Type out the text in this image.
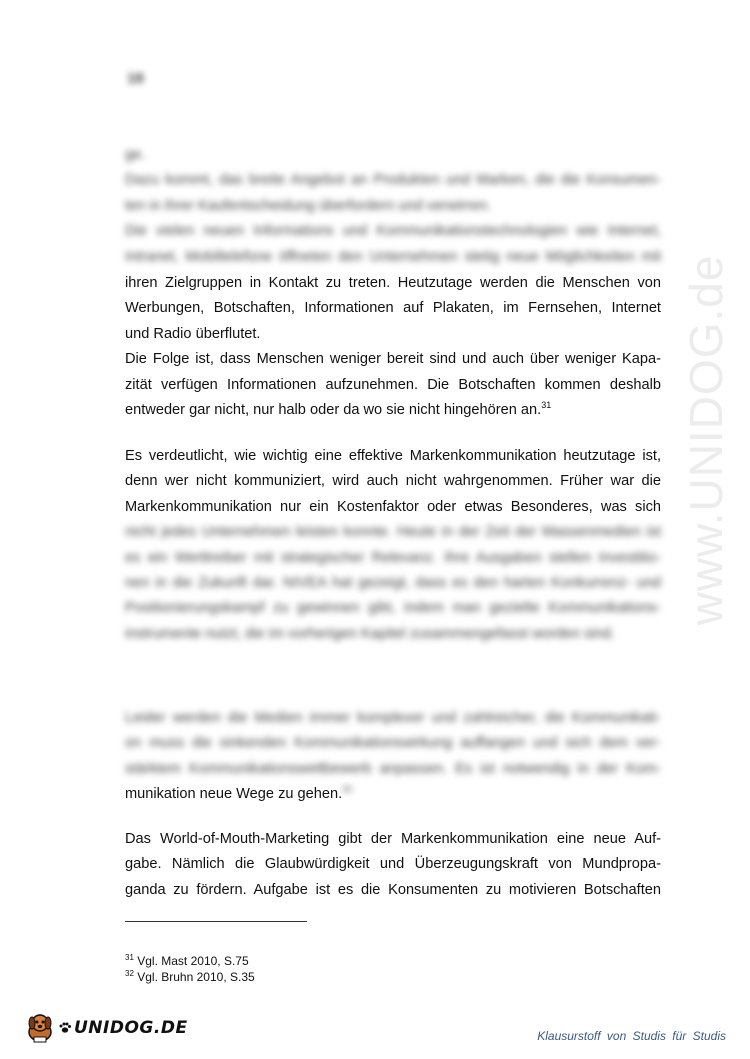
18
www.UNIDOG.de
ge.
Dazu kommt, das breite Angebot an Produkten und Marken, die die Konsumen-
ten in ihrer Kaufentscheidung überfordern und verwirren.
Die vielen neuen Informations und Kommunikationstechnologien wie Internet,
Intranet, Mobiltelefone öffneten den Unternehmen stetig neue Möglichkeiten mit
ihren Zielgruppen in Kontakt zu treten. Heutzutage werden die Menschen von
Werbungen, Botschaften, Informationen auf Plakaten, im Fernsehen, Internet
und Radio überflutet.
Die Folge ist, dass Menschen weniger bereit sind und auch über weniger Kapa-
zität verfügen Informationen aufzunehmen. Die Botschaften kommen deshalb
entweder gar nicht, nur halb oder da wo sie nicht hingehören an.$^{31}$
Es verdeutlicht, wie wichtig eine effektive Markenkommunikation heutzutage ist,
denn wer nicht kommuniziert, wird auch nicht wahrgenommen. Früher war die
Markenkommunikation nur ein Kostenfaktor oder etwas Besonderes, was sich
nicht jedes Unternehmen leisten konnte. Heute in der Zeit der Massenmedien ist
es ein Werttreiber mit strategischer Relevanz. Ihre Ausgaben stellen Investitio-
nen in die Zukunft dar. NIVEA hat gezeigt, dass es den harten Konkurrenz- und
Positionierungskampf zu gewinnen gibt, indem man gezielte Kommunikations-
instrumente nutzt, die im vorherigen Kapitel zusammengefasst worden sind.
Leider werden die Medien immer komplexer und zahlreicher, die Kommunikati-
on muss die sinkenden Kommunikationswirkung auffangen und sich dem ver-
stärktem Kommunikationswettbewerb anpassen. Es ist notwendig in der Kom-
munikation neue Wege zu gehen.$^{32}$
Das World-of-Mouth-Marketing gibt der Markenkommunikation eine neue Auf-
gabe. Nämlich die Glaubwürdigkeit und Überzeugungskraft von Mundpropa-
ganda zu fördern. Aufgabe ist es die Konsumenten zu motivieren Botschaften
$^{31}$ Vgl. Mast 2010, S.75
$^{32}$ Vgl. Bruhn 2010, S.35
UNIDOG.DE	Klausurstoff von Studis für Studis
